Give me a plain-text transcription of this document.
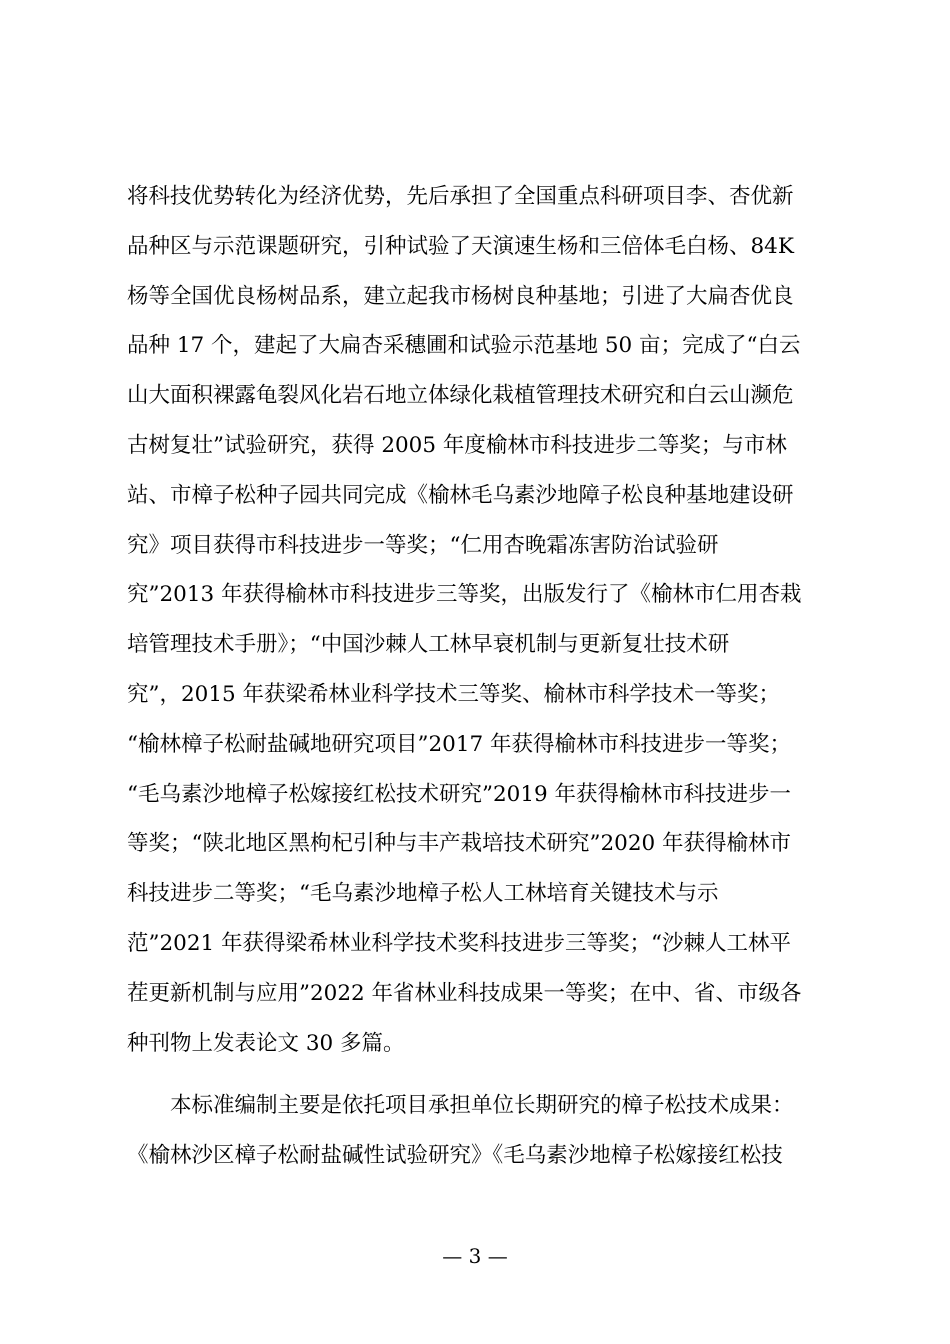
将科技优势转化为经济优势，先后承担了全国重点科研项目李、杏优新
品种区与示范课题研究，引种试验了天演速生杨和三倍体毛白杨、84K
杨等全国优良杨树品系，建立起我市杨树良种基地；引进了大扁杏优良
品种 17 个，建起了大扁杏采穗圃和试验示范基地 50 亩；完成了“白云
山大面积裸露龟裂风化岩石地立体绿化栽植管理技术研究和白云山濒危
古树复壮”试验研究，获得 2005 年度榆林市科技进步二等奖；与市林
站、市樟子松种子园共同完成《榆林毛乌素沙地障子松良种基地建设研
究》项目获得市科技进步一等奖；“仁用杏晚霜冻害防治试验研
究”2013 年获得榆林市科技进步三等奖，出版发行了《榆林市仁用杏栽
培管理技术手册》；“中国沙棘人工林早衰机制与更新复壮技术研
究”，2015 年获梁希林业科学技术三等奖、榆林市科学技术一等奖；
“榆林樟子松耐盐碱地研究项目”2017 年获得榆林市科技进步一等奖；
“毛乌素沙地樟子松嫁接红松技术研究”2019 年获得榆林市科技进步一
等奖；“陕北地区黑枸杞引种与丰产栽培技术研究”2020 年获得榆林市
科技进步二等奖；“毛乌素沙地樟子松人工林培育关键技术与示
范”2021 年获得梁希林业科学技术奖科技进步三等奖；“沙棘人工林平
茬更新机制与应用”2022 年省林业科技成果一等奖；在中、省、市级各
种刊物上发表论文 30 多篇。
本标准编制主要是依托项目承担单位长期研究的樟子松技术成果：
《榆林沙区樟子松耐盐碱性试验研究》《毛乌素沙地樟子松嫁接红松技
— 3 —
